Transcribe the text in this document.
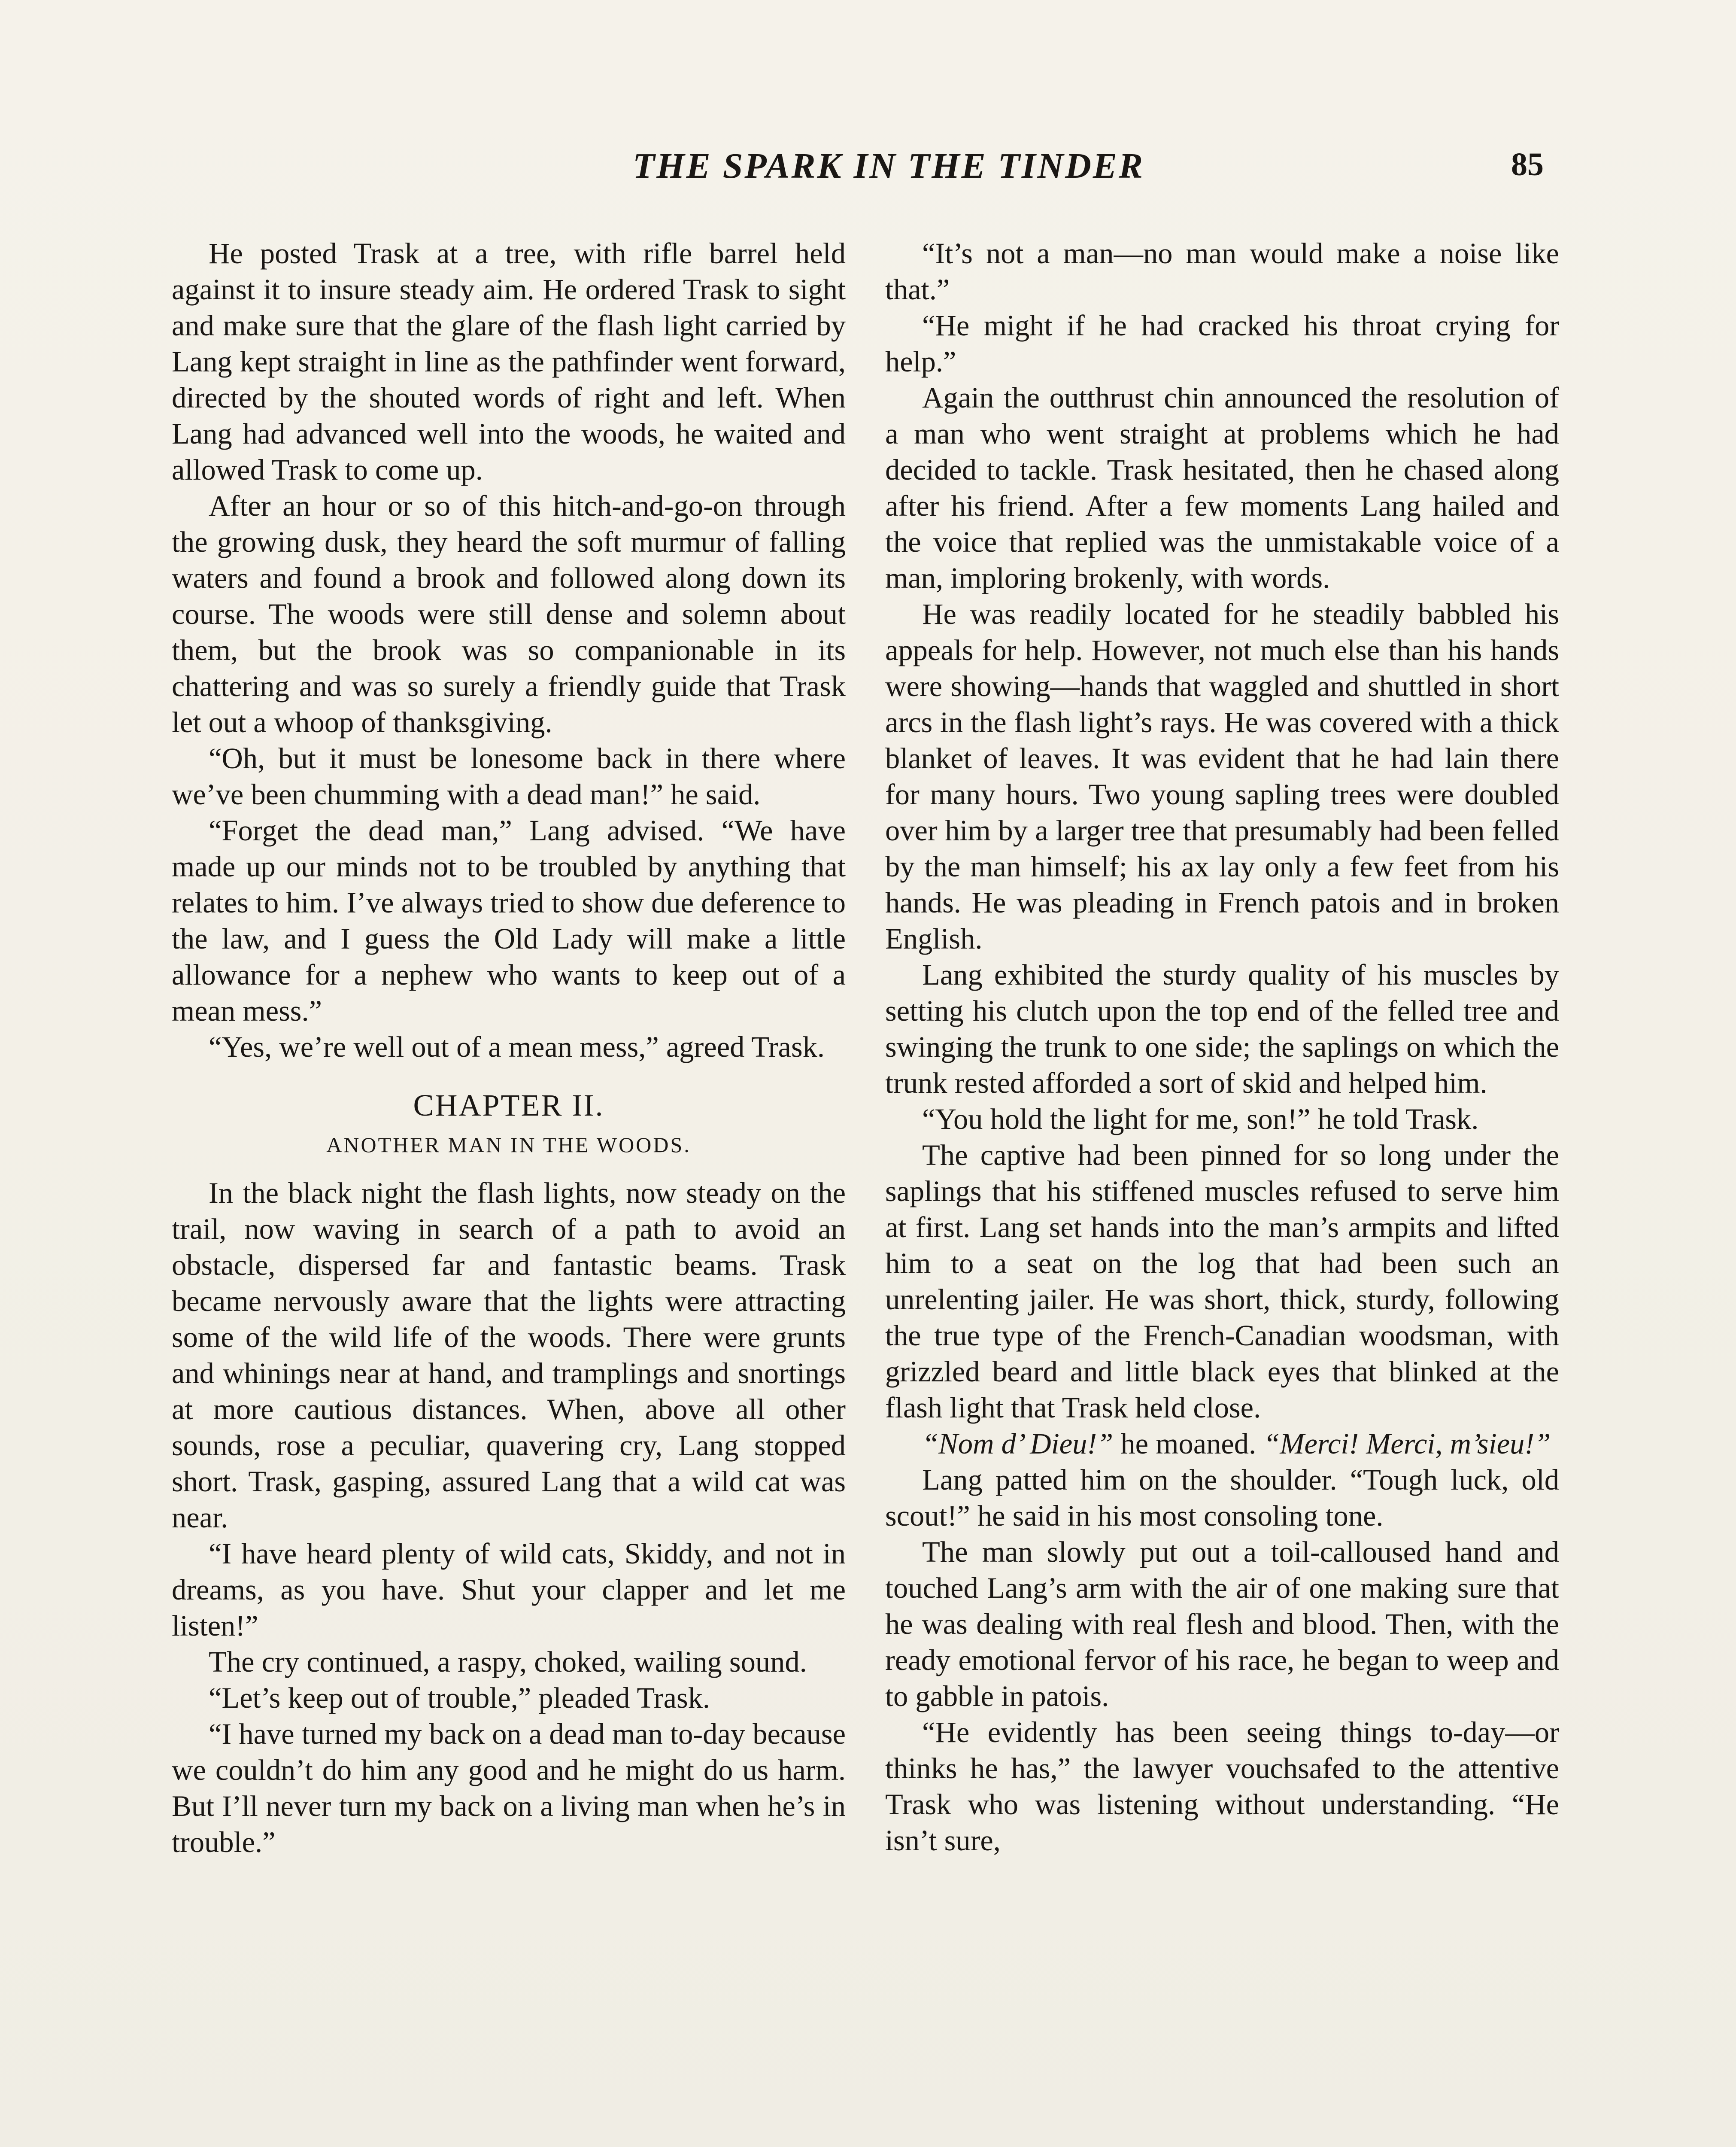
THE SPARK IN THE TINDER	85

He posted Trask at a tree, with rifle barrel held against it to insure steady aim. He ordered Trask to sight and make sure that the glare of the flash light carried by Lang kept straight in line as the pathfinder went forward, directed by the shouted words of right and left. When Lang had advanced well into the woods, he waited and allowed Trask to come up.

After an hour or so of this hitch-and-go-on through the growing dusk, they heard the soft murmur of falling waters and found a brook and followed along down its course. The woods were still dense and solemn about them, but the brook was so companionable in its chattering and was so surely a friendly guide that Trask let out a whoop of thanksgiving.

“Oh, but it must be lonesome back in there where we’ve been chumming with a dead man!” he said.

“Forget the dead man,” Lang advised. “We have made up our minds not to be troubled by anything that relates to him. I’ve always tried to show due deference to the law, and I guess the Old Lady will make a little allowance for a nephew who wants to keep out of a mean mess.”

“Yes, we’re well out of a mean mess,” agreed Trask.

CHAPTER II.
ANOTHER MAN IN THE WOODS.

In the black night the flash lights, now steady on the trail, now waving in search of a path to avoid an obstacle, dispersed far and fantastic beams. Trask became nervously aware that the lights were attracting some of the wild life of the woods. There were grunts and whinings near at hand, and tramplings and snortings at more cautious distances. When, above all other sounds, rose a peculiar, quavering cry, Lang stopped short. Trask, gasping, assured Lang that a wild cat was near.

“I have heard plenty of wild cats, Skiddy, and not in dreams, as you have. Shut your clapper and let me listen!”

The cry continued, a raspy, choked, wailing sound.

“Let’s keep out of trouble,” pleaded Trask.

“I have turned my back on a dead man to-day because we couldn’t do him any good and he might do us harm. But I’ll never turn my back on a living man when he’s in trouble.”

“It’s not a man—no man would make a noise like that.”

“He might if he had cracked his throat crying for help.”

Again the outthrust chin announced the resolution of a man who went straight at problems which he had decided to tackle. Trask hesitated, then he chased along after his friend. After a few moments Lang hailed and the voice that replied was the unmistakable voice of a man, imploring brokenly, with words.

He was readily located for he steadily babbled his appeals for help. However, not much else than his hands were showing—hands that waggled and shuttled in short arcs in the flash light’s rays. He was covered with a thick blanket of leaves. It was evident that he had lain there for many hours. Two young sapling trees were doubled over him by a larger tree that presumably had been felled by the man himself; his ax lay only a few feet from his hands. He was pleading in French patois and in broken English.

Lang exhibited the sturdy quality of his muscles by setting his clutch upon the top end of the felled tree and swinging the trunk to one side; the saplings on which the trunk rested afforded a sort of skid and helped him.

“You hold the light for me, son!” he told Trask.

The captive had been pinned for so long under the saplings that his stiffened muscles refused to serve him at first. Lang set hands into the man’s armpits and lifted him to a seat on the log that had been such an unrelenting jailer. He was short, thick, sturdy, following the true type of the French-Canadian woodsman, with grizzled beard and little black eyes that blinked at the flash light that Trask held close.

“Nom d’ Dieu!” he moaned. “Merci! Merci, m’sieu!”

Lang patted him on the shoulder. “Tough luck, old scout!” he said in his most consoling tone.

The man slowly put out a toil-calloused hand and touched Lang’s arm with the air of one making sure that he was dealing with real flesh and blood. Then, with the ready emotional fervor of his race, he began to weep and to gabble in patois.

“He evidently has been seeing things to-day—or thinks he has,” the lawyer vouchsafed to the attentive Trask who was listening without understanding. “He isn’t sure,
